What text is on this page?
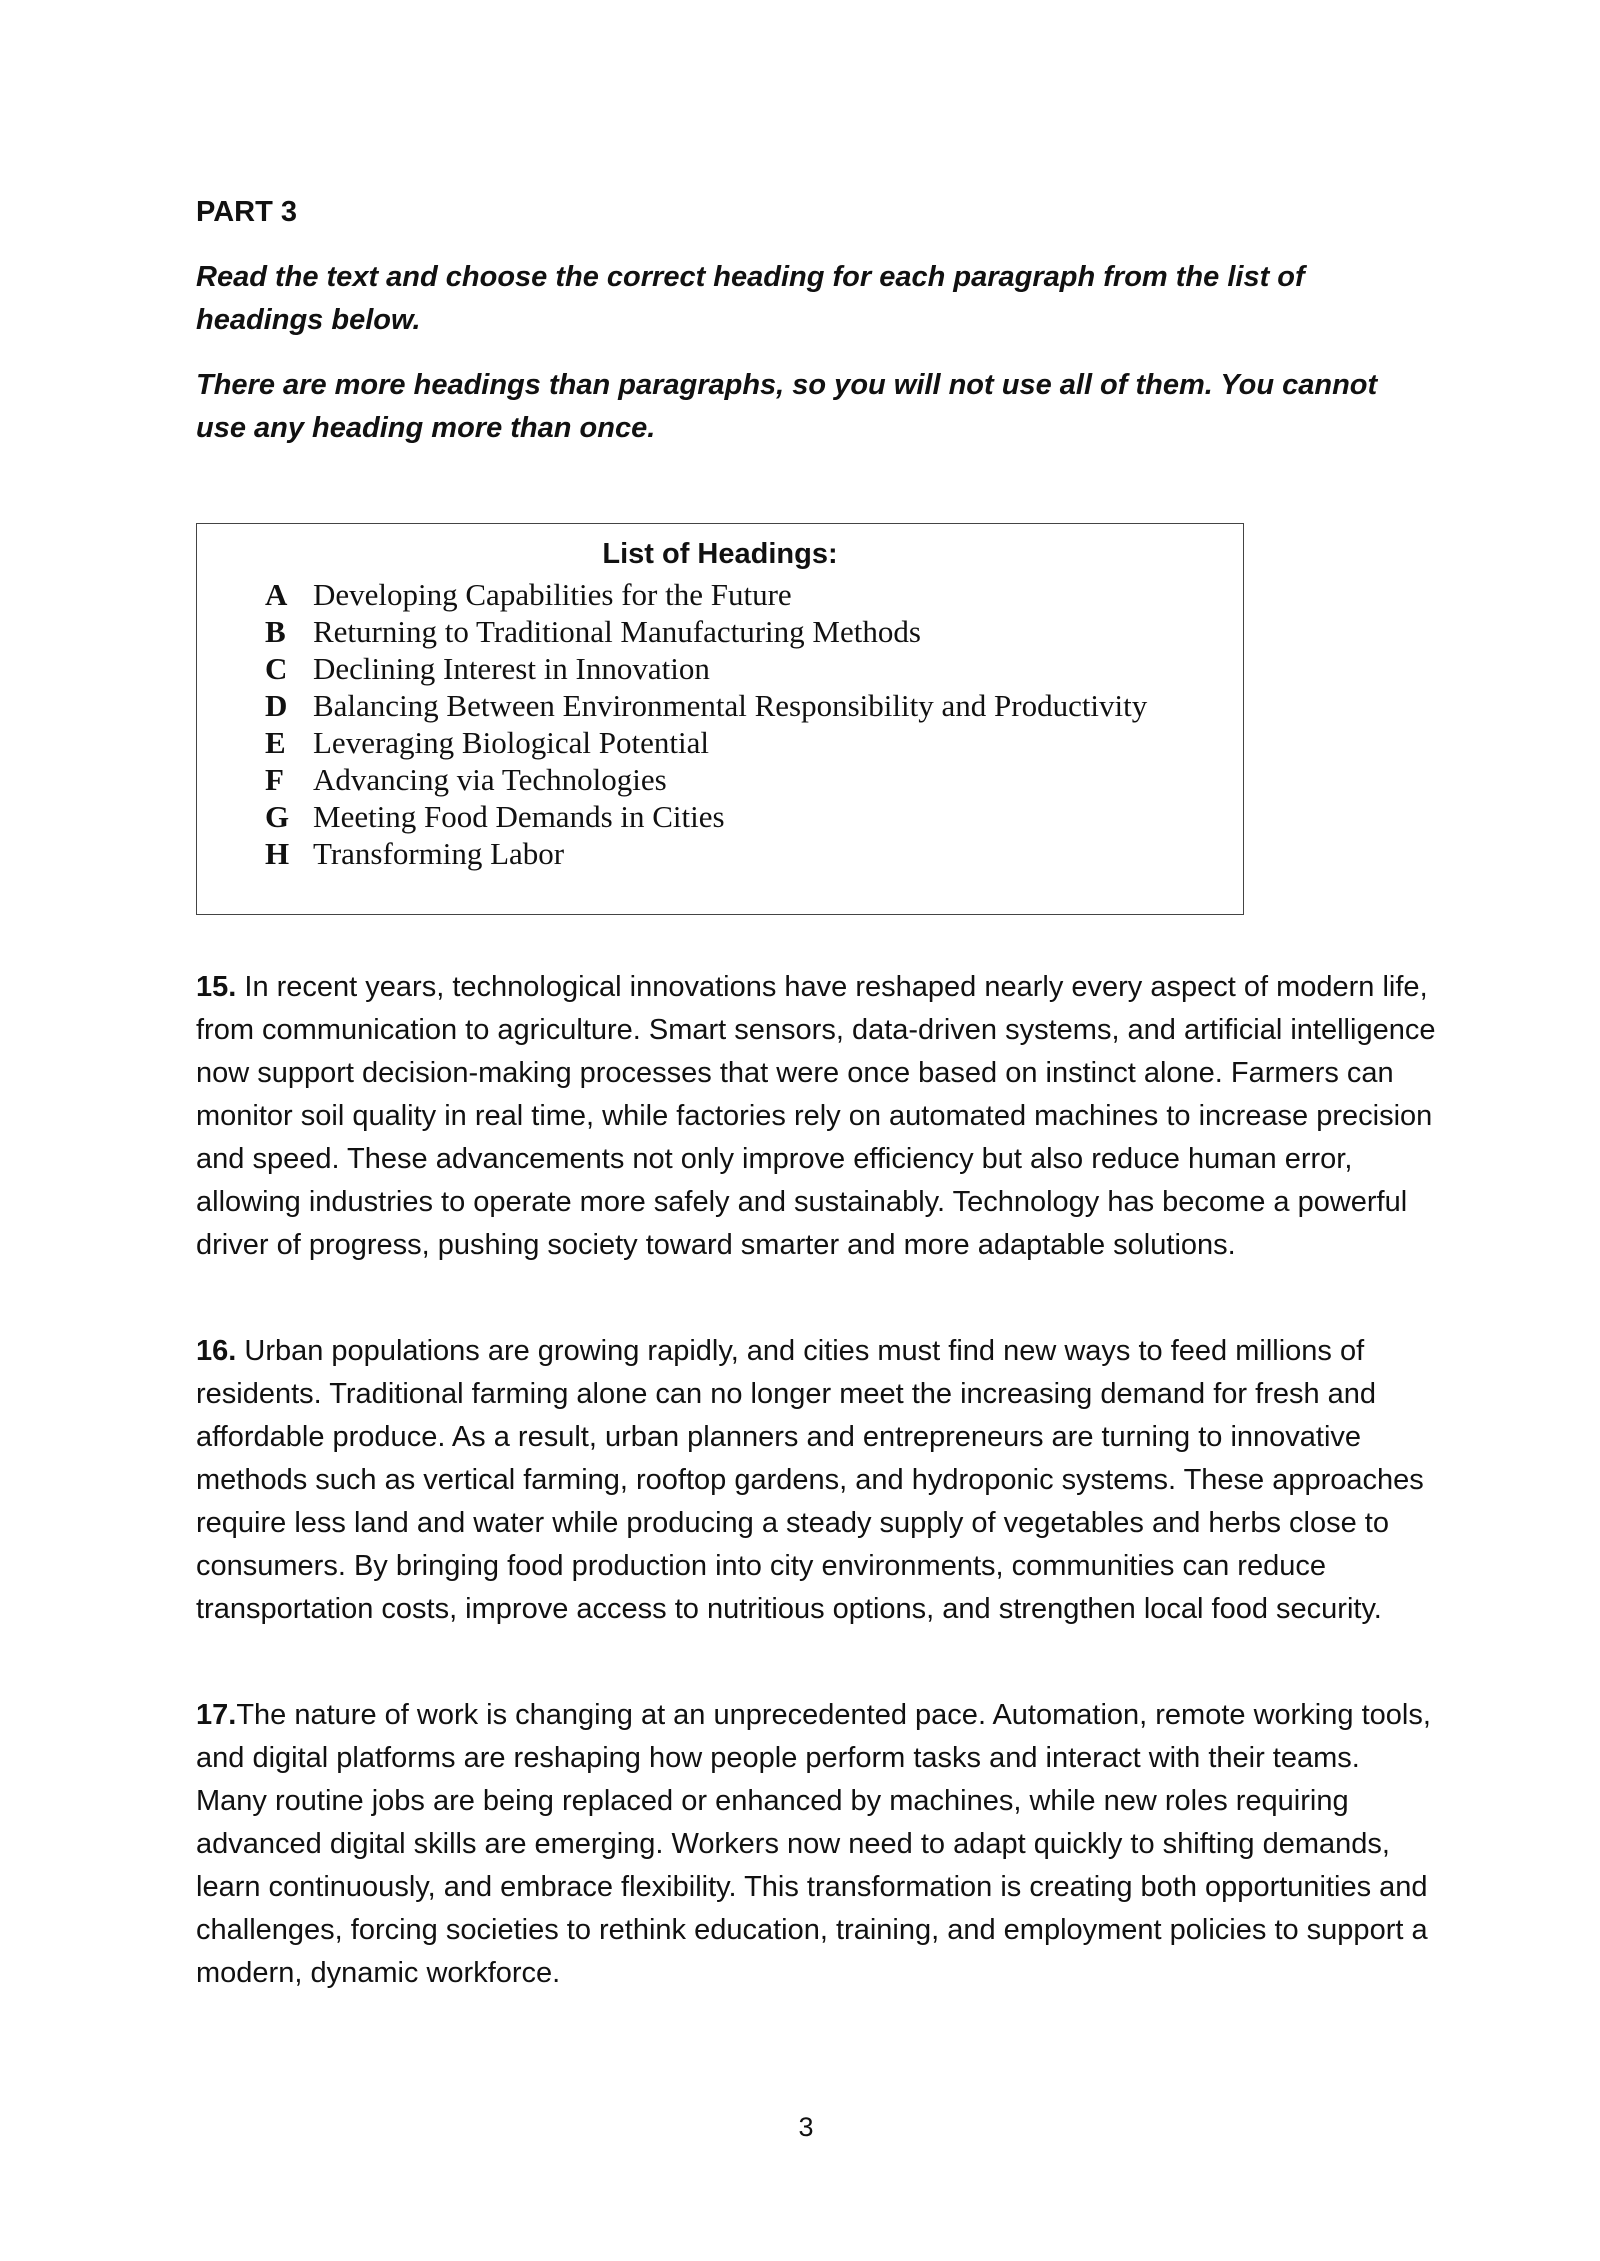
PART 3

Read the text and choose the correct heading for each paragraph from the list of headings below.

There are more headings than paragraphs, so you will not use all of them. You cannot use any heading more than once.

List of Headings:
A Developing Capabilities for the Future
B Returning to Traditional Manufacturing Methods
C Declining Interest in Innovation
D Balancing Between Environmental Responsibility and Productivity
E Leveraging Biological Potential
F Advancing via Technologies
G Meeting Food Demands in Cities
H Transforming Labor

15. In recent years, technological innovations have reshaped nearly every aspect of modern life, from communication to agriculture. Smart sensors, data-driven systems, and artificial intelligence now support decision-making processes that were once based on instinct alone. Farmers can monitor soil quality in real time, while factories rely on automated machines to increase precision and speed. These advancements not only improve efficiency but also reduce human error, allowing industries to operate more safely and sustainably. Technology has become a powerful driver of progress, pushing society toward smarter and more adaptable solutions.

16. Urban populations are growing rapidly, and cities must find new ways to feed millions of residents. Traditional farming alone can no longer meet the increasing demand for fresh and affordable produce. As a result, urban planners and entrepreneurs are turning to innovative methods such as vertical farming, rooftop gardens, and hydroponic systems. These approaches require less land and water while producing a steady supply of vegetables and herbs close to consumers. By bringing food production into city environments, communities can reduce transportation costs, improve access to nutritious options, and strengthen local food security.

17.The nature of work is changing at an unprecedented pace. Automation, remote working tools, and digital platforms are reshaping how people perform tasks and interact with their teams. Many routine jobs are being replaced or enhanced by machines, while new roles requiring advanced digital skills are emerging. Workers now need to adapt quickly to shifting demands, learn continuously, and embrace flexibility. This transformation is creating both opportunities and challenges, forcing societies to rethink education, training, and employment policies to support a modern, dynamic workforce.

3
